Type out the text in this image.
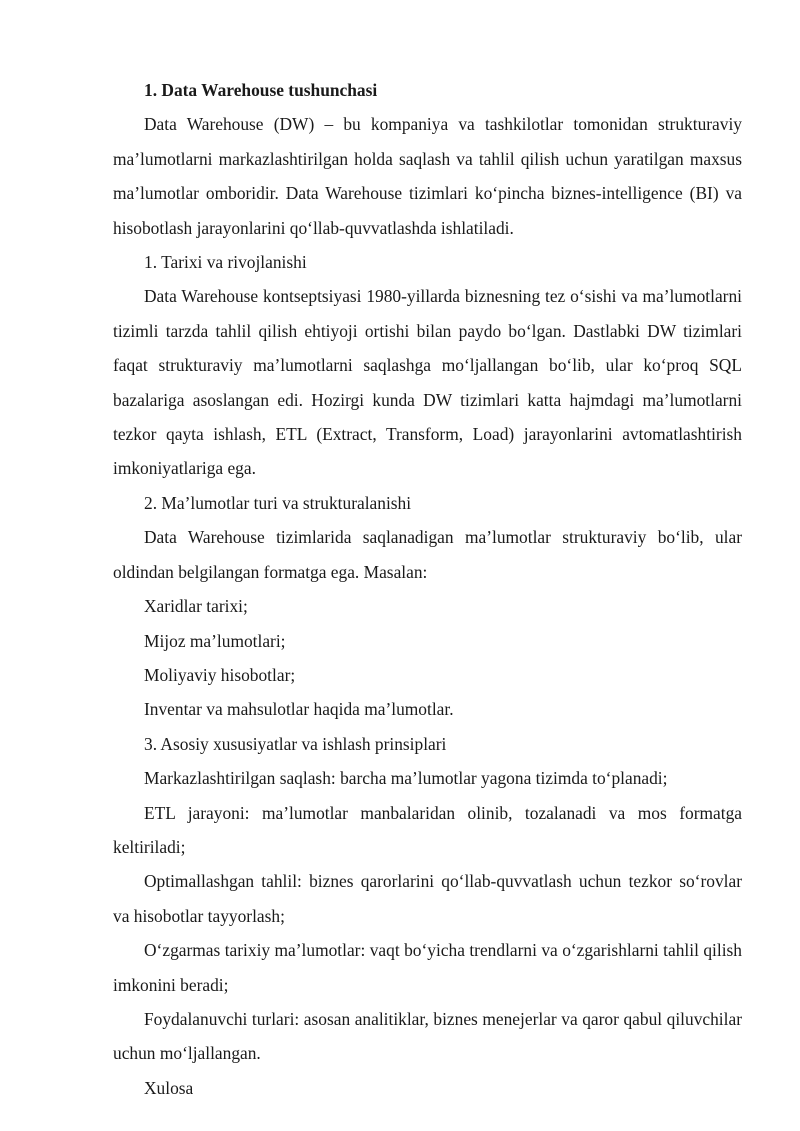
1. Data Warehouse tushunchasi

Data Warehouse (DW) – bu kompaniya va tashkilotlar tomonidan strukturaviy ma’lumotlarni markazlashtirilgan holda saqlash va tahlil qilish uchun yaratilgan maxsus ma’lumotlar omboridir. Data Warehouse tizimlari ko‘pincha biznes-intelligence (BI) va hisobotlash jarayonlarini qo‘llab-quvvatlashda ishlatiladi.

1. Tarixi va rivojlanishi

Data Warehouse kontseptsiyasi 1980-yillarda biznesning tez o‘sishi va ma’lumotlarni tizimli tarzda tahlil qilish ehtiyoji ortishi bilan paydo bo‘lgan. Dastlabki DW tizimlari faqat strukturaviy ma’lumotlarni saqlashga mo‘ljallangan bo‘lib, ular ko‘proq SQL bazalariga asoslangan edi. Hozirgi kunda DW tizimlari katta hajmdagi ma’lumotlarni tezkor qayta ishlash, ETL (Extract, Transform, Load) jarayonlarini avtomatlashtirish imkoniyatlariga ega.

2. Ma’lumotlar turi va strukturalanishi

Data Warehouse tizimlarida saqlanadigan ma’lumotlar strukturaviy bo‘lib, ular oldindan belgilangan formatga ega. Masalan:

Xaridlar tarixi;

Mijoz ma’lumotlari;

Moliyaviy hisobotlar;

Inventar va mahsulotlar haqida ma’lumotlar.

3. Asosiy xususiyatlar va ishlash prinsiplari

Markazlashtirilgan saqlash: barcha ma’lumotlar yagona tizimda to‘planadi;

ETL jarayoni: ma’lumotlar manbalaridan olinib, tozalanadi va mos formatga keltiriladi;

Optimallashgan tahlil: biznes qarorlarini qo‘llab-quvvatlash uchun tezkor so‘rovlar va hisobotlar tayyorlash;

O‘zgarmas tarixiy ma’lumotlar: vaqt bo‘yicha trendlarni va o‘zgarishlarni tahlil qilish imkonini beradi;

Foydalanuvchi turlari: asosan analitiklar, biznes menejerlar va qaror qabul qiluvchilar uchun mo‘ljallangan.

Xulosa
